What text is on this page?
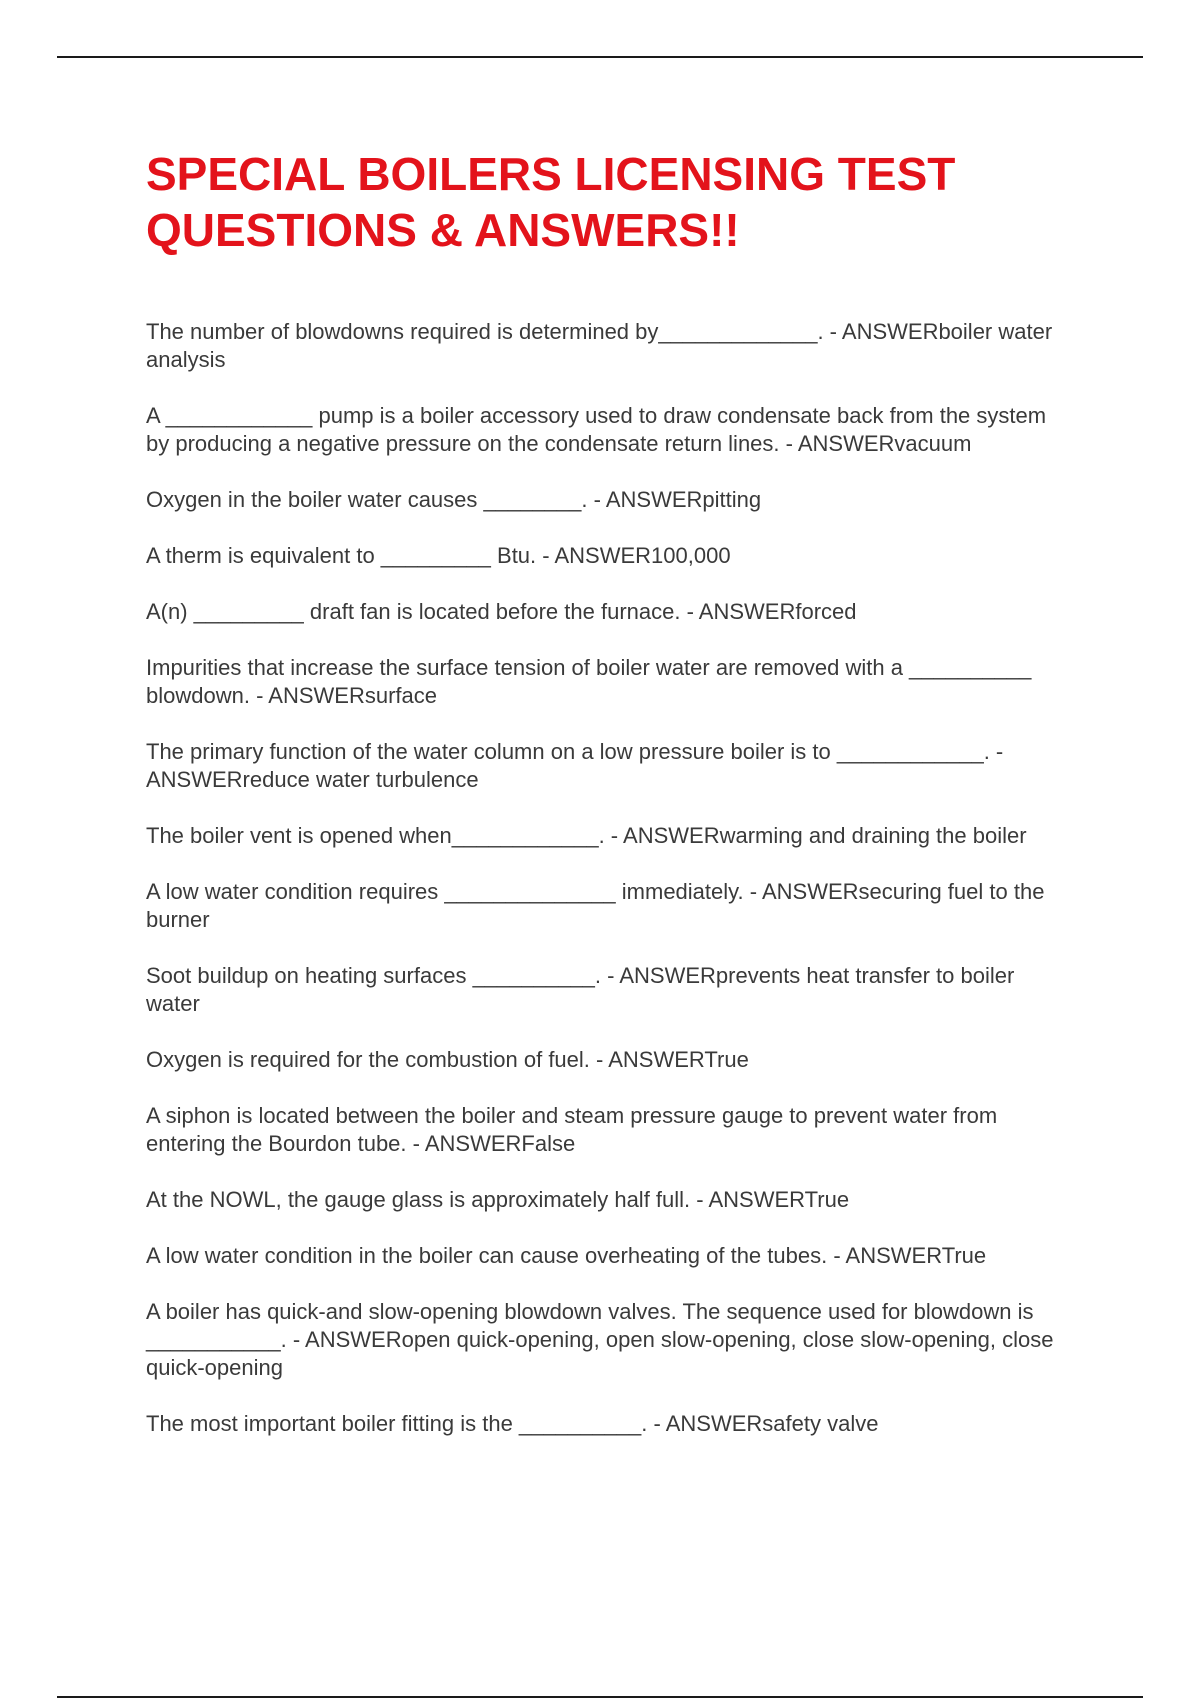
SPECIAL BOILERS LICENSING TEST QUESTIONS & ANSWERS!!

The number of blowdowns required is determined by_____________. - ANSWERboiler water analysis

A ____________ pump is a boiler accessory used to draw condensate back from the system by producing a negative pressure on the condensate return lines. - ANSWERvacuum

Oxygen in the boiler water causes ________. - ANSWERpitting

A therm is equivalent to _________ Btu. - ANSWER100,000

A(n) _________ draft fan is located before the furnace. - ANSWERforced

Impurities that increase the surface tension of boiler water are removed with a __________ blowdown. - ANSWERsurface

The primary function of the water column on a low pressure boiler is to ____________. - ANSWERreduce water turbulence

The boiler vent is opened when____________. - ANSWERwarming and draining the boiler

A low water condition requires ______________ immediately. - ANSWERsecuring fuel to the burner

Soot buildup on heating surfaces __________. - ANSWERprevents heat transfer to boiler water

Oxygen is required for the combustion of fuel. - ANSWERTrue

A siphon is located between the boiler and steam pressure gauge to prevent water from entering the Bourdon tube. - ANSWERFalse

At the NOWL, the gauge glass is approximately half full. - ANSWERTrue

A low water condition in the boiler can cause overheating of the tubes. - ANSWERTrue

A boiler has quick-and slow-opening blowdown valves. The sequence used for blowdown is ___________. - ANSWERopen quick-opening, open slow-opening, close slow-opening, close quick-opening

The most important boiler fitting is the __________. - ANSWERsafety valve
